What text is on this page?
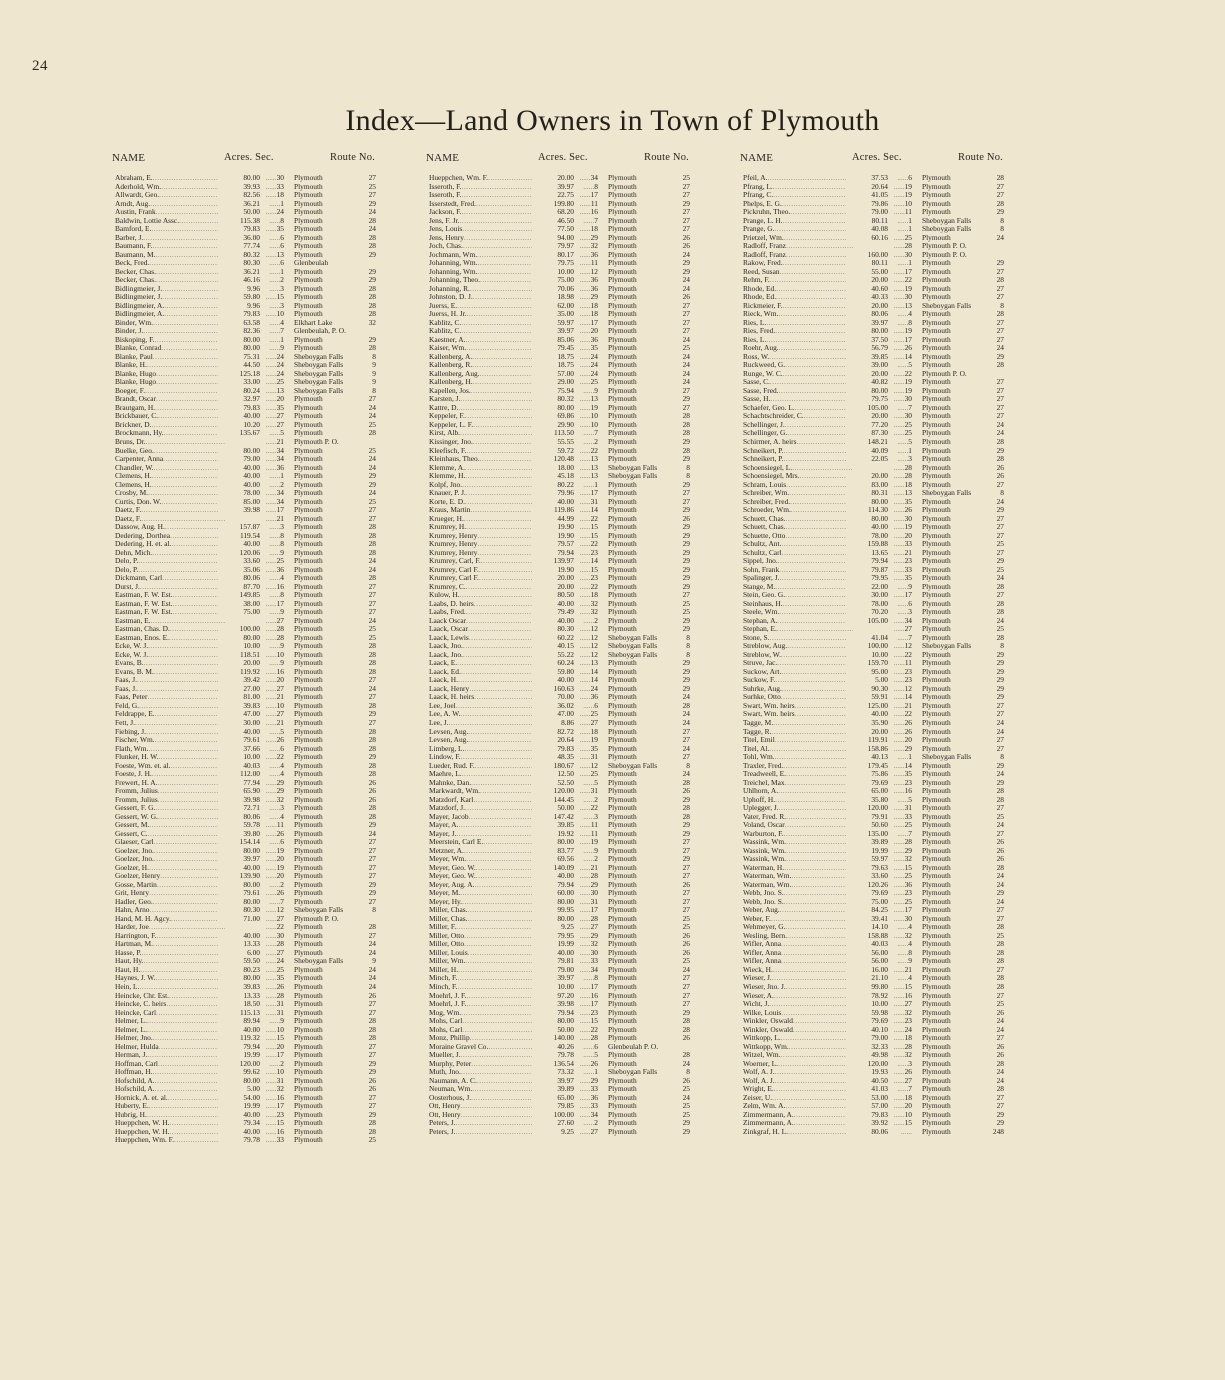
24
Index—Land Owners in Town of Plymouth
NAME	Acres. Sec.	Route No.
Abraham, E. .....	80.00	...... 30 Plymouth	27
Aderhold, Wm. .....	39.93	...... 33 Plymouth	25
Allwardt, Geo. .....	82.56	...... 18 Plymouth	27
Arndt, Aug. .....	36.21	...... 1 Plymouth	29
Austin, Frank .....	50.00	...... 24 Plymouth	24
Baldwin, Lottie Assc. .....	115.38	...... 8 Plymouth	28
Bamford, E. .....	79.83	...... 35 Plymouth	24
Barber, J. .....	36.00	...... 6 Plymouth	28
Baumann, F. .....	77.74	...... 6 Plymouth	28
Baumann, M. .....	80.32	...... 13 Plymouth	29
Beck, Fred. .....	80.30	...... 6 Glenbeulah
Becker, Chas. .....	36.21	...... 1 Plymouth	29
Becker, Chas. .....	46.16	...... 2 Plymouth	29
Bidlingmeier, J. .....	9.96	...... 3 Plymouth	28
Bidlingmeier, J. .....	59.80	...... 15 Plymouth	28
Bidlingmeier, A. .....	9.96	...... 3 Plymouth	28
Bidlingmeier, A. .....	79.83	...... 10 Plymouth	28
Binder, Wm. .....	63.58	...... 4 Elkhart Lake	32
Binder, J. .....	82.36	...... 7 Glenbeulah, P. O.
Biskoping, F. .....	80.00	...... 1 Plymouth	29
Blanke, Conrad .....	80.00	...... 9 Plymouth	28
Blanke, Paul .....	75.31	...... 24 Sheboygan Falls	8
Blanke, H. .....	44.50	...... 24 Sheboygan Falls	9
Blanke, Hugo .....	125.18	...... 24 Sheboygan Falls	9
Blanke, Hugo .....	33.00	...... 25 Sheboygan Falls	9
Boeger, F. .....	80.24	...... 13 Sheboygan Falls	8
Brandt, Oscar .....	32.97	...... 20 Plymouth	27
Brautgam, H. .....	79.83	...... 35 Plymouth	24
Brickbauer, C. .....	40.00	...... 27 Plymouth	24
Brickner, D. .....	10.20	...... 27 Plymouth	25
Brockmann, Hy. .....	135.67	...... 5 Plymouth	28
Bruns, Dr. .....	...... 21 Plymouth P. O.
Buelke, Geo. .....	80.00	...... 34 Plymouth	25
Carpenter, Anna .....	79.00	...... 34 Plymouth	24
Chandler, W. .....	40.00	...... 36 Plymouth	24
Clemens, H. .....	40.00	...... 1 Plymouth	29
Clemens, H. .....	40.00	...... 2 Plymouth	29
Crosby, M. .....	78.00	...... 34 Plymouth	24
Curtis, Don. W. .....	85.00	...... 34 Plymouth	25
Daetz, F. .....	39.98	...... 17 Plymouth	27
Daetz, F. .....	...... 21 Plymouth	27
Dassow, Aug. H. .....	157.87	...... 3 Plymouth	28
Dedering, Dorthea .....	119.54	...... 8 Plymouth	28
Dedering, H. et. al. .....	40.00	...... 8 Plymouth	28
Dehn, Mich. .....	120.06	...... 9 Plymouth	28
Delo, P. .....	33.60	...... 25 Plymouth	24
Delo, P. .....	35.06	...... 36 Plymouth	24
Dickmann, Carl .....	80.06	...... 4 Plymouth	28
Durst, J. .....	87.70	...... 16 Plymouth	27
Eastman, F. W. Est. .....	149.85	...... 8 Plymouth	27
Eastman, F. W. Est. .....	38.00	...... 17 Plymouth	27
Eastman, F. W. Est. .....	75.00	...... 9 Plymouth	27
Eastman, E. .....	...... 27 Plymouth	24
Eastman, Chas. D. .....	100.00	...... 28 Plymouth	25
Eastman, Enos. E. .....	80.00	...... 28 Plymouth	25
Ecke, W. J. .....	10.00	...... 9 Plymouth	28
Ecke, W. J. .....	118.51	...... 10 Plymouth	28
Evans, B. .....	20.00	...... 9 Plymouth	28
Evans, B. M. .....	119.92	...... 16 Plymouth	28
Faas, J. .....	39.42	...... 20 Plymouth	27
Faas, J. .....	27.00	...... 27 Plymouth	24
Faas, Peter .....	81.00	...... 21 Plymouth	27
Feld, G. .....	39.83	...... 10 Plymouth	28
Feldrappe, E. .....	47.00	...... 27 Plymouth	29
Fett, J. .....	30.00	...... 21 Plymouth	27
Fiebing, J. .....	40.00	...... 5 Plymouth	28
Fischer, Wm. .....	79.61	...... 26 Plymouth	28
Flath, Wm. .....	37.66	...... 6 Plymouth	28
Flunker, H. W. .....	10.00	...... 22 Plymouth	29
Foeste, Wm. et. al. .....	40.03	...... 4 Plymouth	28
Foeste, J. H. .....	112.00	...... 4 Plymouth	28
Frewert, H. A. .....	77.94	...... 29 Plymouth	26
Fromm, Julius .....	65.90	...... 29 Plymouth	26
Fromm, Julius .....	39.98	...... 32 Plymouth	26
Gessert, F. G. .....	72.71	...... 3 Plymouth	28
Gessert, W. G. .....	80.06	...... 4 Plymouth	28
Gessert, M. .....	59.78	...... 11 Plymouth	29
Gessert, C. .....	39.80	...... 26 Plymouth	24
Glaeser, Carl .....	154.14	...... 6 Plymouth	27
Goelzer, Jno. .....	80.00	...... 19 Plymouth	27
Goelzer, Jno. .....	39.97	...... 20 Plymouth	27
Goelzer, H. .....	40.00	...... 19 Plymouth	27
Goelzer, Henry .....	139.90	...... 20 Plymouth	27
Gosse, Martin .....	80.00	...... 2 Plymouth	29
Grit, Henry .....	79.61	...... 26 Plymouth	29
Hadler, Geo. .....	80.00	...... 7 Plymouth	27
Hahn, Arno .....	80.30	...... 12 Sheboygan Falls	8
Hand, M. H. Agcy. .....	71.00	...... 27 Plymouth P. O.
Harder, Joe .....	...... 22 Plymouth	28
Harrington, F. .....	40.00	...... 30 Plymouth	27
Hartman, M. .....	13.33	...... 28 Plymouth	24
Hasse, P. .....	6.00	...... 27 Plymouth	24
Haut, Hy. .....	59.50	...... 24 Sheboygan Falls	9
Haut, H. .....	80.23	...... 25 Plymouth	24
Haynes, J. W. .....	80.00	...... 35 Plymouth	24
Hein, L. .....	39.83	...... 26 Plymouth	24
Heincke, Chr. Est. .....	13.33	...... 28 Plymouth	26
Heincke, C. heirs .....	18.50	...... 31 Plymouth	27
Heincke, Carl .....	115.13	...... 31 Plymouth	27
Helmer, L. .....	89.94	...... 9 Plymouth	28
Helmer, L. .....	40.00	...... 10 Plymouth	28
Helmer, Jno. .....	119.32	...... 15 Plymouth	28
Helmer, Hulda .....	79.94	...... 20 Plymouth	27
Herman, J. .....	19.99	...... 17 Plymouth	27
Hoffman, Carl .....	120.00	...... 2 Plymouth	29
Hoffman, H. .....	99.62	...... 10 Plymouth	29
Hofschild, A. .....	80.00	...... 31 Plymouth	26
Hofschild, A. .....	5.00	...... 32 Plymouth	26
Hornick, A. et. al. .....	54.00	...... 16 Plymouth	27
Huberty, E. .....	19.99	...... 17 Plymouth	27
Hubrig, H. .....	40.00	...... 23 Plymouth	29
Hueppchen, W. H. .....	79.34	...... 15 Plymouth	28
Hueppchen, W. H. .....	40.00	...... 16 Plymouth	28
Hueppchen, Wm. F. .....	79.78	...... 33 Plymouth	25
NAME	Acres. Sec.	Route No.
Hueppchen, Wm. F. .....	20.00	...... 34 Plymouth	25
Isseroth, F. .....	39.97	...... 8 Plymouth	27
Isseroth, F. .....	22.75	...... 17 Plymouth	27
Isserstedt, Fred. .....	199.80	...... 11 Plymouth	29
Jackson, F. .....	68.20	...... 16 Plymouth	27
Jens, F. Jr. .....	46.50	...... 7 Plymouth	27
Jens, Louis .....	77.50	...... 18 Plymouth	27
Jens, Henry .....	94.00	...... 29 Plymouth	26
Joch, Chas. .....	79.97	...... 32 Plymouth	26
Jochmann, Wm. .....	80.17	...... 36 Plymouth	24
Johanning, Wm. .....	79.75	...... 11 Plymouth	29
Johanning, Wm. .....	10.00	...... 12 Plymouth	29
Johanning, Theo. .....	75.00	...... 36 Plymouth	24
Johanning, R. .....	70.06	...... 36 Plymouth	24
Johnston, D. J. .....	18.98	...... 29 Plymouth	26
Juerss, E. .....	62.00	...... 18 Plymouth	27
Juerss, H. Jr. .....	35.00	...... 18 Plymouth	27
Kablitz, C. .....	59.97	...... 17 Plymouth	27
Kablitz, C. .....	39.97	...... 20 Plymouth	27
Kaestner, A. .....	85.06	...... 36 Plymouth	24
Kaiser, Wm. .....	79.45	...... 35 Plymouth	25
Kallenberg, A. .....	18.75	...... 24 Plymouth	24
Kallenberg, R. .....	18.75	...... 24 Plymouth	24
Kallenberg, Aug. .....	57.00	...... 24 Plymouth	24
Kallenberg, H. .....	29.00	...... 25 Plymouth	24
Kapellen, Jos. .....	75.94	...... 9 Plymouth	27
Karsten, J. .....	80.32	...... 13 Plymouth	29
Kattre, D. .....	80.00	...... 19 Plymouth	27
Keppeler, F. .....	69.86	...... 10 Plymouth	28
Keppeler, L. F. .....	29.90	...... 10 Plymouth	28
Kirst, Alb. .....	113.50	...... 7 Plymouth	28
Kissinger, Jno. .....	55.55	...... 2 Plymouth	29
Kleefisch, F. .....	59.72	...... 22 Plymouth	28
Kleinhaus, Theo. .....	120.48	...... 13 Plymouth	29
Klemme, A. .....	18.00	...... 13 Sheboygan Falls	8
Klemme, H. .....	45.18	...... 13 Sheboygan Falls	8
Kolpf, Jno. .....	80.22	...... 1 Plymouth	29
Knauer, P. J. .....	79.96	...... 17 Plymouth	27
Korte, E. D. .....	40.00	...... 31 Plymouth	27
Kraus, Martin .....	119.86	...... 14 Plymouth	29
Krueger, H. .....	44.99	...... 22 Plymouth	26
Krumrey, H. .....	19.90	...... 15 Plymouth	29
Krumrey, Henry .....	19.90	...... 15 Plymouth	29
Krumrey, Henry .....	79.57	...... 22 Plymouth	29
Krumrey, Henry .....	79.94	...... 23 Plymouth	29
Krumrey, Carl, F. .....	139.97	...... 14 Plymouth	29
Krumrey, Carl F. .....	19.90	...... 15 Plymouth	29
Krumrey, Carl F. .....	20.00	...... 23 Plymouth	29
Krumrey, C. .....	20.00	...... 22 Plymouth	29
Kulow, H. .....	80.50	...... 18 Plymouth	27
Laabs, D. heirs .....	40.00	...... 32 Plymouth	25
Laabs, Fred. .....	79.49	...... 32 Plymouth	25
Laack Oscar .....	40.00	...... 2 Plymouth	29
Laack, Oscar .....	80.30	...... 12 Plymouth	29
Laack, Lewis .....	60.22	...... 12 Sheboygan Falls	8
Laack, Jno. .....	40.15	...... 12 Sheboygan Falls	8
Laack, Jno. .....	55.22	...... 12 Sheboygan Falls	8
Laack, E. .....	60.24	...... 13 Plymouth	29
Laack, Ed. .....	59.80	...... 14 Plymouth	29
Laack, H. .....	40.00	...... 14 Plymouth	29
Laack, Henry .....	160.63	...... 24 Plymouth	29
Laack, H. heirs .....	70.00	...... 36 Plymouth	24
Lee, Joel .....	36.02	...... 6 Plymouth	28
Lee, A. W. .....	47.00	...... 25 Plymouth	24
Lee, J. .....	8.86	...... 27 Plymouth	24
Levsen, Aug. .....	82.72	...... 18 Plymouth	27
Levsen, Aug. .....	20.64	...... 19 Plymouth	27
Limberg, L. .....	79.83	...... 35 Plymouth	24
Lindow, F. .....	48.35	...... 31 Plymouth	27
Lueder, Rud. F. .....	180.67	...... 12 Sheboygan Falls	8
Maehre, L. .....	12.50	...... 25 Plymouth	24
Mahnke, Dan. .....	52.50	...... 5 Plymouth	28
Markwardt, Wm. .....	120.00	...... 31 Plymouth	26
Matzdorf, Karl .....	144.45	...... 2 Plymouth	29
Matzdorf, J. .....	50.00	...... 22 Plymouth	28
Mayer, Jacob .....	147.42	...... 3 Plymouth	28
Mayer, A. .....	39.85	...... 11 Plymouth	29
Mayer, J. .....	19.92	...... 11 Plymouth	29
Meerstein, Carl E. .....	80.00	...... 19 Plymouth	27
Metzner, A. .....	83.77	...... 9 Plymouth	27
Meyer, Wm. .....	69.56	...... 2 Plymouth	29
Meyer, Geo. W. .....	140.09	...... 21 Plymouth	27
Meyer, Geo. W. .....	40.00	...... 28 Plymouth	27
Meyer, Aug. A. .....	79.94	...... 29 Plymouth	26
Meyer, M. .....	60.00	...... 30 Plymouth	27
Meyer, Hy. .....	80.00	...... 31 Plymouth	27
Miller, Chas. .....	99.95	...... 17 Plymouth	27
Miller, Chas. .....	80.00	...... 28 Plymouth	25
Miller, F. .....	9.25	...... 27 Plymouth	25
Miller, Otto .....	79.95	...... 29 Plymouth	26
Miller, Otto .....	19.99	...... 32 Plymouth	26
Miller, Louis .....	40.00	...... 30 Plymouth	26
Miller, Wm. .....	79.81	...... 33 Plymouth	25
Miller, H. .....	79.00	...... 34 Plymouth	24
Minch, F. .....	39.97	...... 8 Plymouth	27
Minch, F. .....	10.00	...... 17 Plymouth	27
Moehrl, J. F. .....	97.20	...... 16 Plymouth	27
Moehrl, J. F. .....	39.98	...... 17 Plymouth	27
Mog, Wm. .....	79.94	...... 23 Plymouth	29
Mohs, Carl .....	80.00	...... 15 Plymouth	28
Mohs, Carl .....	50.00	...... 22 Plymouth	28
Monz, Phillip .....	140.00	...... 28 Plymouth	26
Moraine Gravel Co. .....	40.26	...... 6 Glenbeulah P. O.
Mueller, J. .....	79.78	...... 5 Plymouth	28
Murphy, Peter .....	136.54	...... 26 Plymouth	24
Muth, Jno. .....	73.32	...... 1 Sheboygan Falls	8
Naumann, A. C. .....	39.97	...... 29 Plymouth	26
Neuman, Wm. .....	39.89	...... 33 Plymouth	25
Oosterhous, J. .....	65.00	...... 36 Plymouth	24
Ott, Henry .....	79.85	...... 33 Plymouth	25
Ott, Henry .....	100.00	...... 34 Plymouth	25
Peters, J. .....	27.60	...... 2 Plymouth	29
Peters, J. .....	9.25	...... 27 Plymouth	29
NAME	Acres. Sec.	Route No.
Pfeil, A. .....	37.53	...... 6 Plymouth	28
Pfrang, L. .....	20.64	...... 19 Plymouth	27
Pfrang, C. .....	41.05	...... 19 Plymouth	27
Phelps, E. G. .....	79.86	...... 10 Plymouth	28
Pickruhn, Theo. .....	79.00	...... 11 Plymouth	29
Prange, L. H. .....	80.11	...... 1 Sheboygan Falls	8
Prange, G. .....	40.08	...... 1 Sheboygan Falls	8
Prietzel, Wm. .....	60.16	...... 25 Plymouth	24
Radloff, Franz .....	...... 28 Plymouth P. O.
Radloff, Franz .....	160.00	...... 30 Plymouth P. O.
Rakow, Fred. .....	80.11	...... 1 Plymouth	29
Reed, Susan .....	55.00	...... 17 Plymouth	27
Rehm, F. .....	20.00	...... 22 Plymouth	28
Rhode, Ed. .....	40.60	...... 19 Plymouth	27
Rhode, Ed. .....	40.33	...... 30 Plymouth	27
Rickmeier, F. .....	20.00	...... 13 Sheboygan Falls	8
Rieck, Wm. .....	80.06	...... 4 Plymouth	28
Ries, L. .....	39.97	...... 8 Plymouth	27
Ries, Fred. .....	80.00	...... 19 Plymouth	27
Ries, L. .....	37.50	...... 17 Plymouth	27
Roehr, Aug. .....	56.79	...... 26 Plymouth	24
Ross, W. .....	39.85	...... 14 Plymouth	29
Ruckweed, G. .....	39.00	...... 5 Plymouth	28
Runge, W. C. .....	20.00	...... 22 Plymouth P. O.
Sasse, C. .....	40.82	...... 19 Plymouth	27
Sasse, Fred. .....	80.00	...... 19 Plymouth	27
Sasse, H. .....	79.75	...... 30 Plymouth	27
Schaefer, Geo. L. .....	105.00	...... 7 Plymouth	27
Schachtschreider, C. .....	20.00	...... 30 Plymouth	27
Schellinger, J. .....	77.20	...... 25 Plymouth	24
Schellinger, G. .....	87.30	...... 25 Plymouth	24
Schirmer, A. heirs .....	148.21	...... 5 Plymouth	28
Schneikert, P. .....	40.09	...... 1 Plymouth	29
Schneikert, P. .....	22.05	...... 3 Plymouth	28
Schoensiegel, L. .....	...... 28 Plymouth	26
Schoensiegel, Mrs. .....	20.00	...... 28 Plymouth	26
Schram, Louis .....	83.00	...... 18 Plymouth	27
Schreiber, Wm. .....	80.31	...... 13 Sheboygan Falls	8
Schreiber, Fred. .....	80.00	...... 35 Plymouth	24
Schroeder, Wm. .....	114.30	...... 26 Plymouth	29
Schuett, Chas. .....	80.00	...... 30 Plymouth	27
Schuett, Chas. .....	40.00	...... 19 Plymouth	27
Schuette, Otto .....	78.00	...... 20 Plymouth	27
Schultz, Ant. .....	159.88	...... 33 Plymouth	25
Schultz, Carl .....	13.65	...... 21 Plymouth	27
Sippel, Jno. .....	79.94	...... 23 Plymouth	29
Sohn, Frank .....	79.87	...... 33 Plymouth	25
Spalinger, J. .....	79.95	...... 35 Plymouth	24
Stange, M. .....	22.00	...... 9 Plymouth	28
Stein, Geo. G. .....	30.00	...... 17 Plymouth	27
Steinhaus, H. .....	78.00	...... 6 Plymouth	28
Steele, Wm. .....	70.20	...... 3 Plymouth	28
Stephan, A. .....	105.00	...... 34 Plymouth	24
Stephan, E. .....	...... 27 Plymouth	25
Stone, S. .....	41.04	...... 7 Plymouth	28
Streblow, Aug. .....	100.00	...... 12 Sheboygan Falls	8
Streblow, W. .....	10.00	...... 22 Plymouth	29
Struve, Jac. .....	159.70	...... 11 Plymouth	29
Suckow, Art. .....	95.00	...... 23 Plymouth	29
Suckow, F. .....	5.00	...... 23 Plymouth	29
Suhrke, Aug. .....	90.30	...... 12 Plymouth	29
Surhke, Otto .....	59.91	...... 14 Plymouth	29
Swart, Wm. heirs .....	125.00	...... 21 Plymouth	27
Swart, Wm. heirs .....	40.00	...... 22 Plymouth	27
Tagge, M. .....	35.90	...... 26 Plymouth	24
Tagge, R. .....	20.00	...... 26 Plymouth	24
Titel, Emil .....	119.91	...... 20 Plymouth	27
Titel, Al. .....	158.86	...... 29 Plymouth	27
Tohl, Wm. .....	40.13	...... 1 Sheboygan Falls	8
Traxler, Fred. .....	179.45	...... 14 Plymouth	29
Treadweell, E. .....	75.86	...... 35 Plymouth	24
Treichel, Max .....	79.69	...... 23 Plymouth	29
Uhlhorn, A. .....	65.00	...... 16 Plymouth	28
Uphoff, H. .....	35.80	...... 5 Plymouth	28
Uplegger, J. .....	120.00	...... 31 Plymouth	27
Vater, Fred. R. .....	79.91	...... 33 Plymouth	25
Voland, Oscar .....	50.60	...... 25 Plymouth	24
Warburton, F. .....	135.00	...... 7 Plymouth	27
Wassink, Wm. .....	39.89	...... 28 Plymouth	26
Wassink, Wm. .....	19.99	...... 29 Plymouth	26
Wassink, Wm. .....	59.97	...... 32 Plymouth	26
Waterman, H. .....	79.63	...... 15 Plymouth	28
Waterman, Wm. .....	33.60	...... 25 Plymouth	24
Waterman, Wm. .....	120.26	...... 36 Plymouth	24
Webb, Jno. S. .....	79.69	...... 23 Plymouth	29
Webb, Jno. S. .....	75.00	...... 25 Plymouth	24
Weber, Aug. .....	84.25	...... 17 Plymouth	27
Weber, F. .....	39.41	...... 30 Plymouth	27
Wehmeyer, G. .....	14.10	...... 4 Plymouth	28
Wesling, Bern. .....	158.88	...... 32 Plymouth	25
Wifler, Anna .....	40.03	...... 4 Plymouth	28
Wifler, Anna .....	56.00	...... 8 Plymouth	28
Wifler, Anna .....	56.00	...... 9 Plymouth	28
Wieck, H. .....	16.00	...... 21 Plymouth	27
Wieser, J. .....	21.10	...... 4 Plymouth	28
Wieser, Jno. J. .....	99.80	...... 15 Plymouth	28
Wieser, A. .....	78.92	...... 16 Plymouth	27
Wicht, J. .....	10.00	...... 27 Plymouth	25
Wilke, Louis .....	59.98	...... 32 Plymouth	26
Winkler, Oswald .....	79.69	...... 23 Plymouth	24
Winkler, Oswald .....	40.10	...... 24 Plymouth	24
Wittkopp, L. .....	79.00	...... 18 Plymouth	27
Wittkopp, Wm. .....	32.33	...... 28 Plymouth	26
Witzel, Wm. .....	49.98	...... 32 Plymouth	26
Woerner, L. .....	120.00	...... 3 Plymouth	28
Wolf, A. J. .....	19.93	...... 26 Plymouth	24
Wolf, A. J. .....	40.50	...... 27 Plymouth	24
Wright, E. .....	41.03	...... 7 Plymouth	28
Zeiser, U. .....	53.00	...... 18 Plymouth	27
Zelm, Wm. A. .....	57.00	...... 20 Plymouth	27
Zimmermann, A. .....	79.83	...... 10 Plymouth	29
Zimmermann, A. .....	39.92	...... 15 Plymouth	29
Zinkgraf, H. L. .....	80.06 ......	Plymouth	248
